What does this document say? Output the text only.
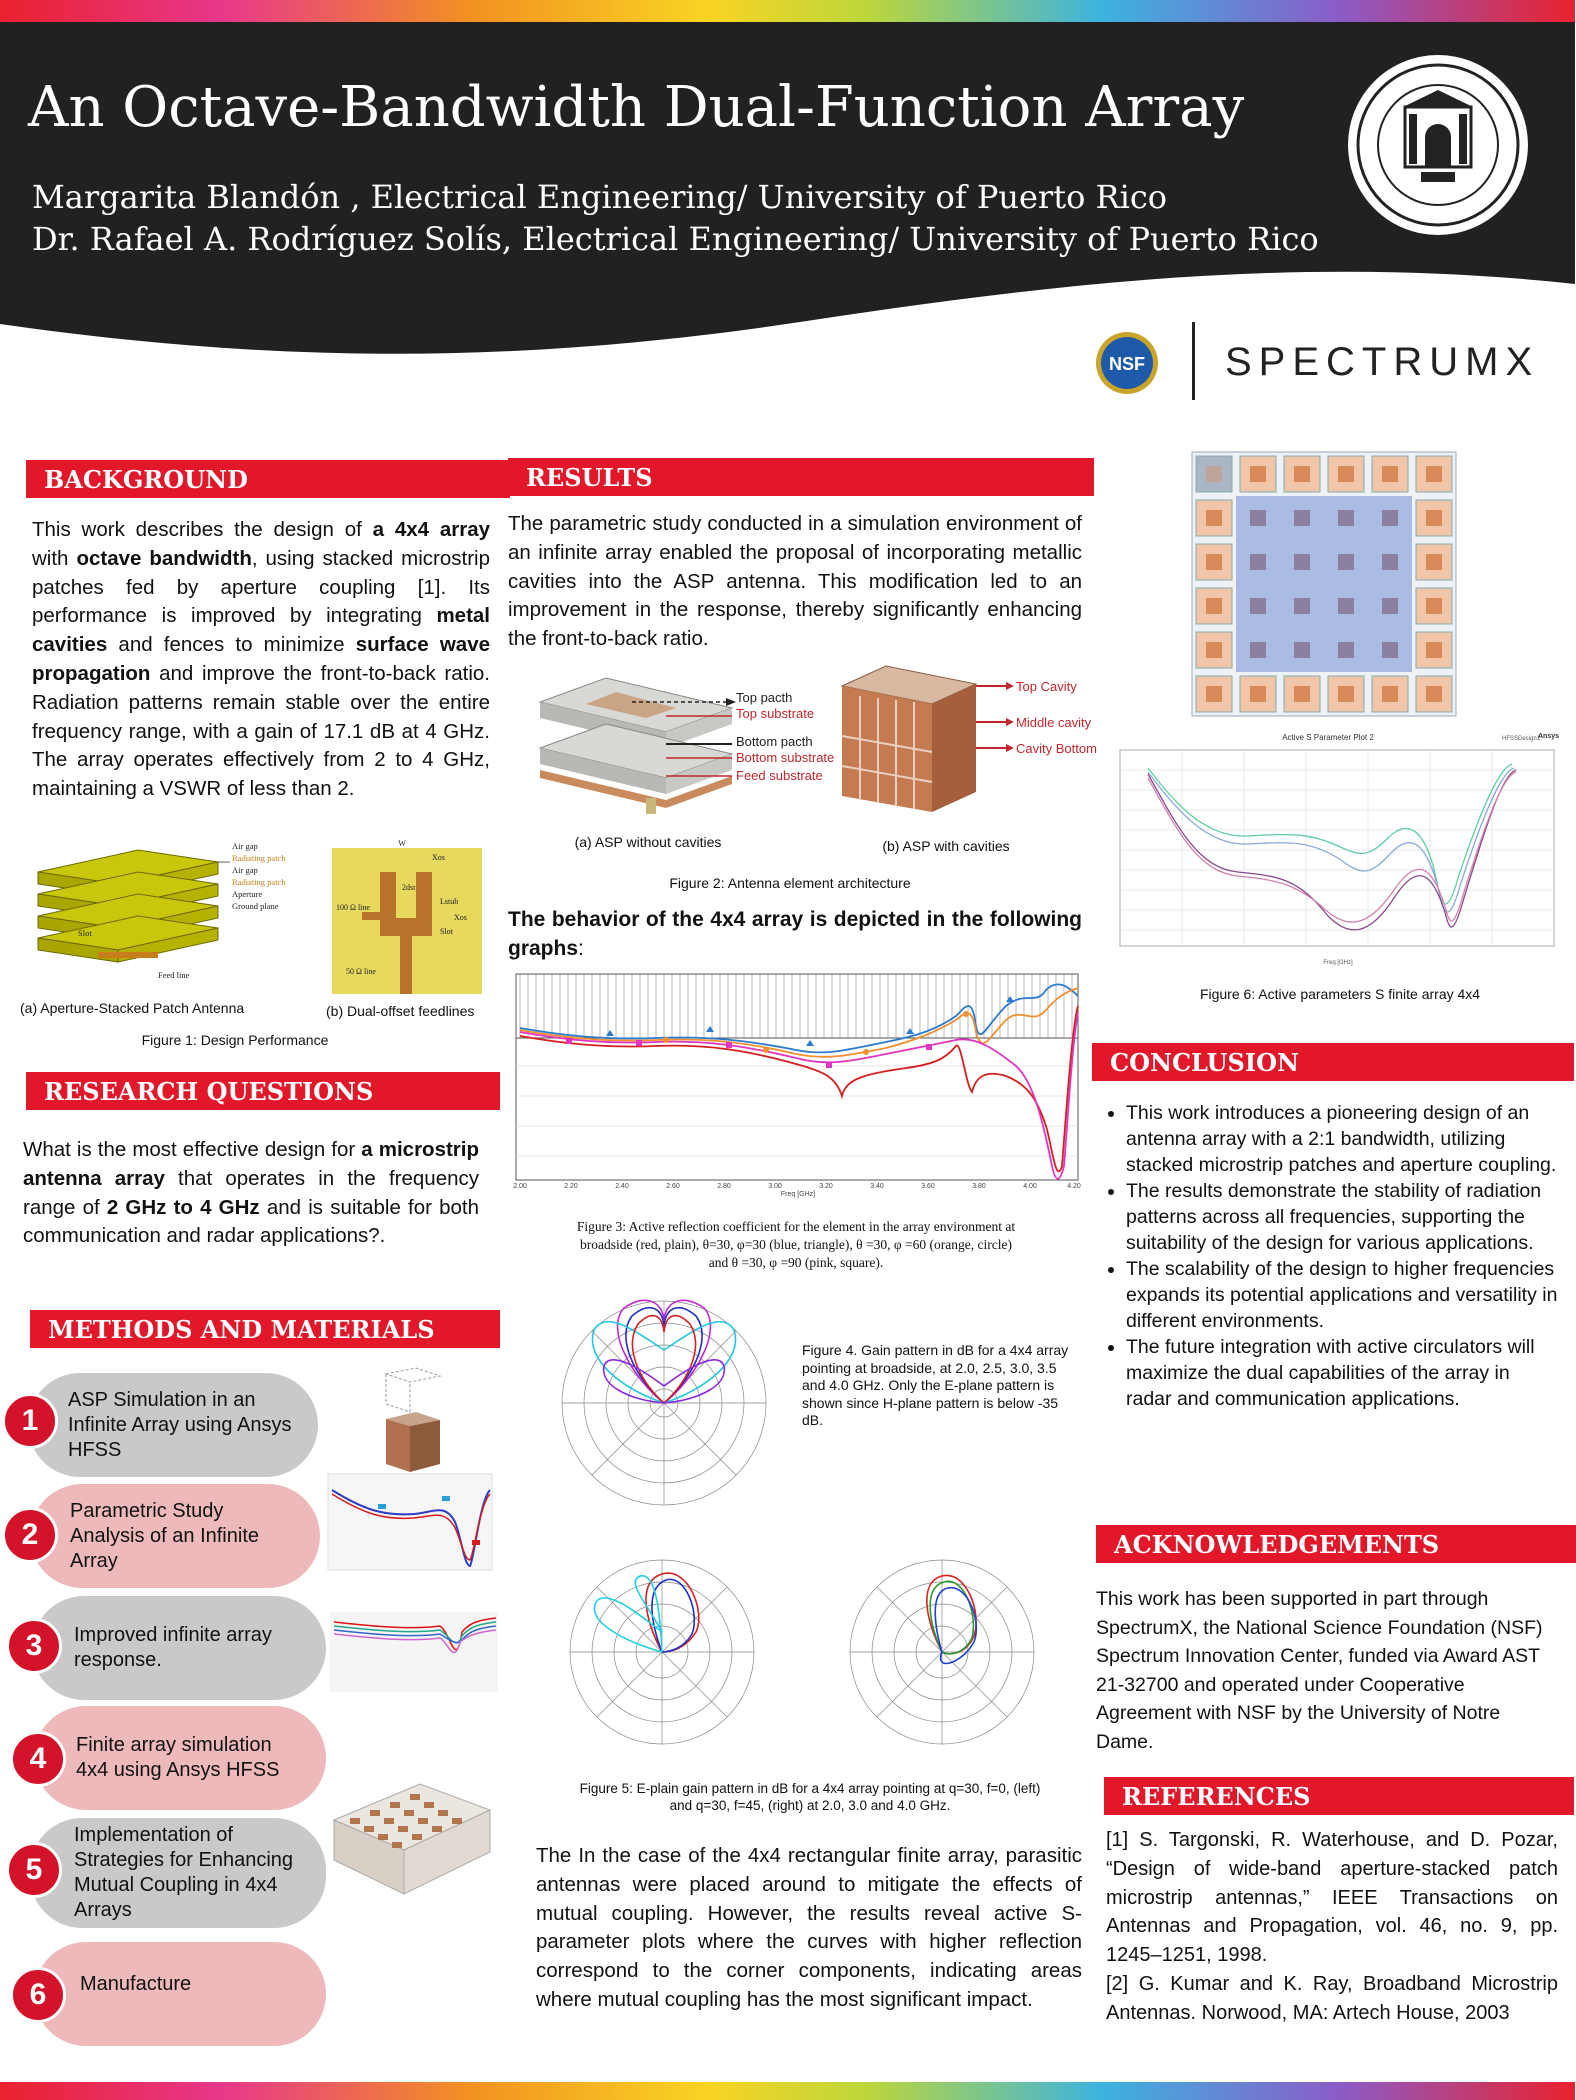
An Octave-Bandwidth Dual-Function Array
Margarita Blandón , Electrical Engineering/ University of Puerto Rico
Dr. Rafael A. Rodríguez Solís, Electrical Engineering/ University of Puerto Rico
NSF SPECTRUMX
BACKGROUND
This work describes the design of a 4x4 array with octave bandwidth, using stacked microstrip patches fed by aperture coupling [1]. Its performance is improved by integrating metal cavities and fences to minimize surface wave propagation and improve the front-to-back ratio. Radiation patterns remain stable over the entire frequency range, with a gain of 17.1 dB at 4 GHz. The array operates effectively from 2 to 4 GHz, maintaining a VSWR of less than 2.
Air gap
Radiating patch
Air gap
Radiating patch
Slot
Aperture
Ground plane
Feed line
(a) Aperture-Stacked Patch Antenna
W
Xos
2dst
Lstub
Xos
Slot
100 Ω line
50 Ω line
(b) Dual-offset feedlines
Figure 1: Design Performance
RESEARCH QUESTIONS
What is the most effective design for a microstrip antenna array that operates in the frequency range of 2 GHz to 4 GHz and is suitable for both communication and radar applications?.
METHODS AND MATERIALS
ASP Simulation in an Infinite Array using Ansys HFSS
1
Parametric Study Analysis of an Infinite Array
2
Improved infinite array response.
3
Finite array simulation 4x4 using Ansys HFSS
4
Implementation of Strategies for Enhancing Mutual Coupling in 4x4 Arrays
5
Manufacture
6
RESULTS
The parametric study conducted in a simulation environment of an infinite array enabled the proposal of incorporating metallic cavities into the ASP antenna. This modification led to an improvement in the response, thereby significantly enhancing the front-to-back ratio.
Top pacth
Top substrate
Bottom pacth
Bottom substrate
Feed substrate
Top Cavity
Middle cavity
Cavity Bottom
(a) ASP without cavities	(b) ASP with cavities
Figure 2: Antenna element architecture
The behavior of the 4x4 array is depicted in the following graphs:
2.00	2.20	2.40	2.60	2.80	3.00	3.20	3.40	3.60	3.80	4.00	4.20
Freq [GHz]
Figure 3: Active reflection coefficient for the element in the array environment at
broadside (red, plain), θ=30, φ=30 (blue, triangle), θ =30, φ =60 (orange, circle)
and θ =30, φ =90 (pink, square).
Figure 4. Gain pattern in dB for a 4x4 array pointing at broadside, at 2.0, 2.5, 3.0, 3.5 and 4.0 GHz. Only the E-plane pattern is shown since H-plane pattern is below -35 dB.
Figure 5: E-plain gain pattern in dB for a 4x4 array pointing at q=30, f=0, (left)
and q=30, f=45, (right) at 2.0, 3.0 and 4.0 GHz.
The In the case of the 4x4 rectangular finite array, parasitic antennas were placed around to mitigate the effects of mutual coupling. However, the results reveal active S-parameter plots where the curves with higher reflection correspond to the corner components, indicating areas where mutual coupling has the most significant impact.
Active S Parameter Plot 2	HFSSDesign1
Ansys
Freq [GHz]
Figure 6: Active parameters S finite array 4x4
CONCLUSION
• This work introduces a pioneering design of an antenna array with a 2:1 bandwidth, utilizing stacked microstrip patches and aperture coupling.
• The results demonstrate the stability of radiation patterns across all frequencies, supporting the suitability of the design for various applications.
• The scalability of the design to higher frequencies expands its potential applications and versatility in different environments.
• The future integration with active circulators will maximize the dual capabilities of the array in radar and communication applications.
ACKNOWLEDGEMENTS
This work has been supported in part through SpectrumX, the National Science Foundation (NSF) Spectrum Innovation Center, funded via Award AST 21-32700 and operated under Cooperative Agreement with NSF by the University of Notre Dame.
REFERENCES
[1] S. Targonski, R. Waterhouse, and D. Pozar, “Design of wide-band aperture-stacked patch microstrip antennas,” IEEE Transactions on Antennas and Propagation, vol. 46, no. 9, pp. 1245–1251, 1998.
[2] G. Kumar and K. Ray, Broadband Microstrip Antennas. Norwood, MA: Artech House, 2003
